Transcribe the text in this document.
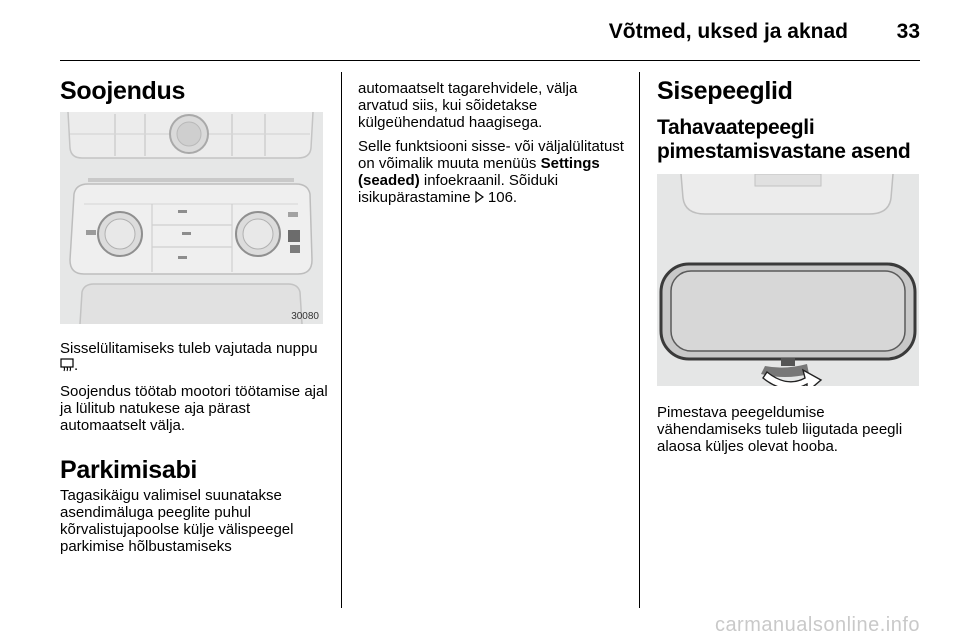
Võtmed, uksed ja aknad 33
Soojendus
30080

Sisselülitamiseks tuleb vajutada nuppu .

Soojendus töötab mootori töötamise ajal ja lülitub natukese aja pärast automaatselt välja.

Parkimisabi

Tagasikäigu valimisel suunatakse asendimäluga peeglite puhul kõrvalistujapoolse külje välispeegel parkimise hõlbustamiseks

automaatselt tagarehvidele, välja arvatud siis, kui sõidetakse külgeühendatud haagisega.

Selle funktsiooni sisse- või väljalülitatust on võimalik muuta menüüs Settings (seaded) infoekraanil. Sõiduki isikupärastamine 106.

Sisepeeglid
Tahavaatepeegli pimestamisvastane asend

Pimestava peegeldumise vähendamiseks tuleb liigutada peegli alaosa küljes olevat hooba.

carmanualsonline.info
